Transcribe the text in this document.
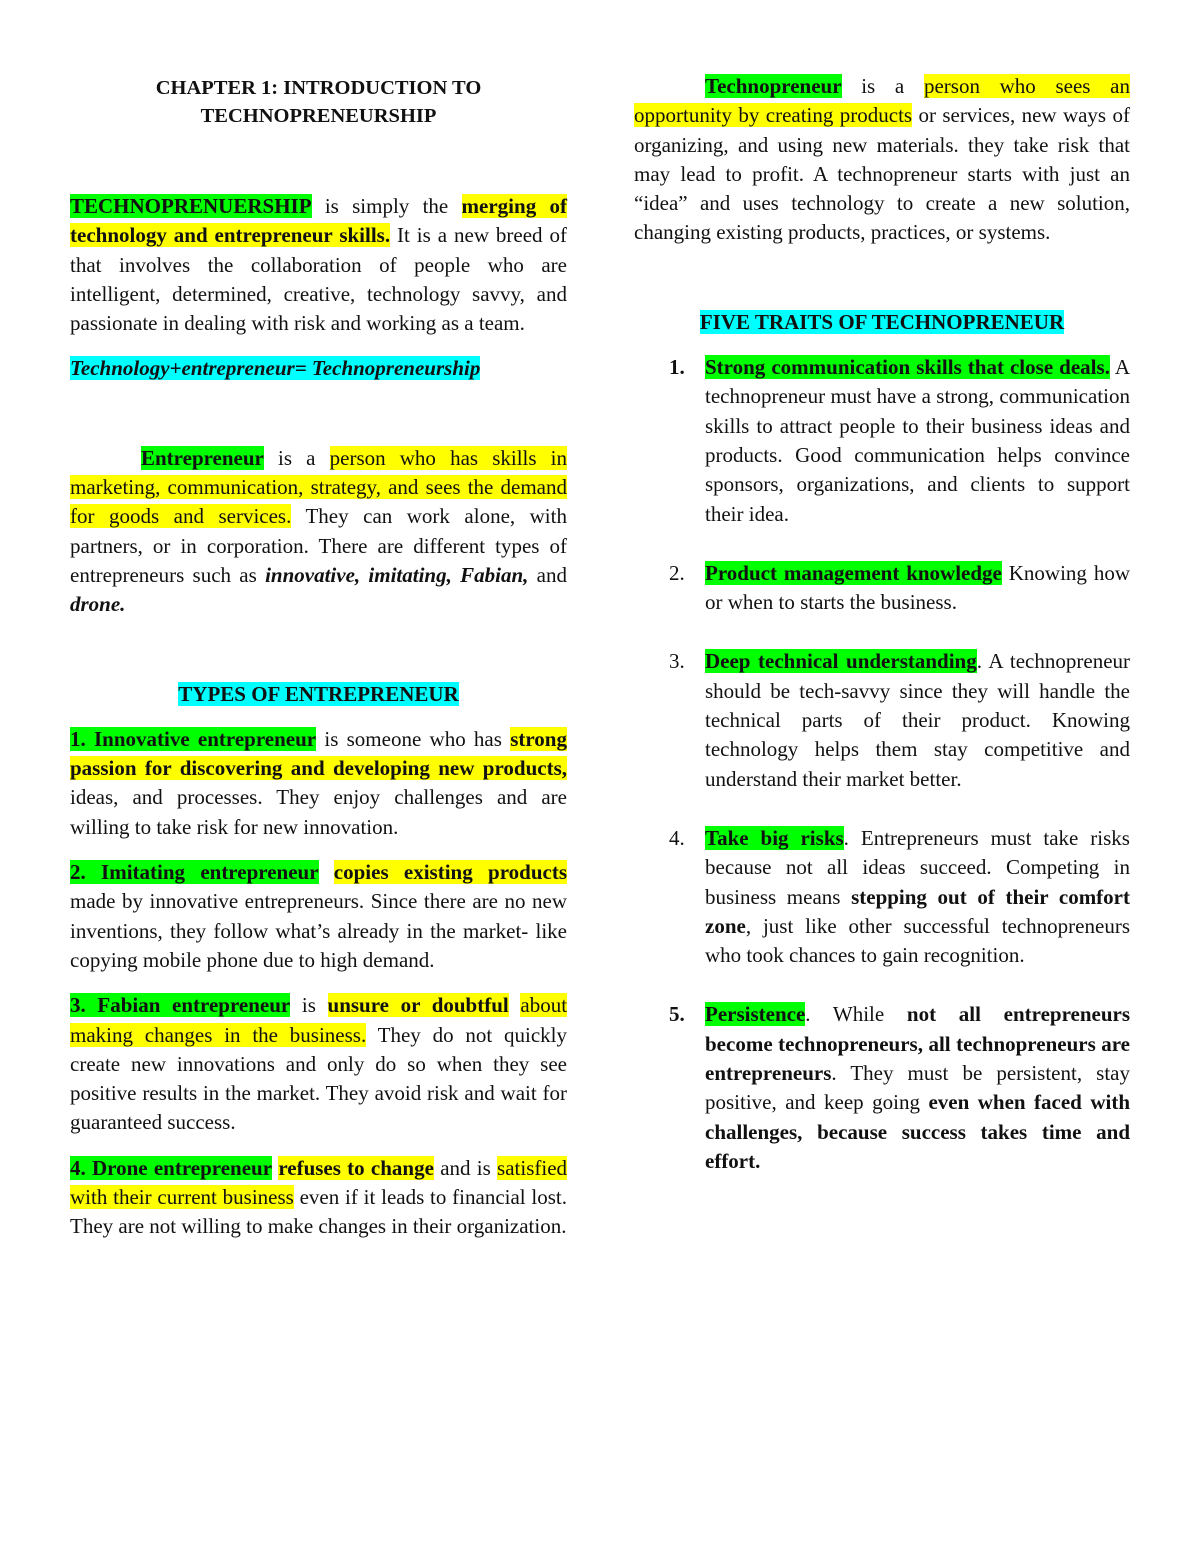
CHAPTER 1: INTRODUCTION TO
TECHNOPRENEURSHIP

TECHNOPRENUERSHIP is simply the merging of technology and entrepreneur skills. It is a new breed of that involves the collaboration of people who are intelligent, determined, creative, technology savvy, and passionate in dealing with risk and working as a team.

Technology+entrepreneur= Technopreneurship

Entrepreneur is a person who has skills in marketing, communication, strategy, and sees the demand for goods and services. They can work alone, with partners, or in corporation. There are different types of entrepreneurs such as innovative, imitating, Fabian, and drone.

TYPES OF ENTREPRENEUR

1. Innovative entrepreneur is someone who has strong passion for discovering and developing new products, ideas, and processes. They enjoy challenges and are willing to take risk for new innovation.

2. Imitating entrepreneur copies existing products made by innovative entrepreneurs. Since there are no new inventions, they follow what’s already in the market- like copying mobile phone due to high demand.

3. Fabian entrepreneur is unsure or doubtful about making changes in the business. They do not quickly create new innovations and only do so when they see positive results in the market. They avoid risk and wait for guaranteed success.

4. Drone entrepreneur refuses to change and is satisfied with their current business even if it leads to financial lost. They are not willing to make changes in their organization.

Technopreneur is a person who sees an opportunity by creating products or services, new ways of organizing, and using new materials. they take risk that may lead to profit. A technopreneur starts with just an “idea” and uses technology to create a new solution, changing existing products, practices, or systems.

FIVE TRAITS OF TECHNOPRENEUR

1. Strong communication skills that close deals. A technopreneur must have a strong, communication skills to attract people to their business ideas and products. Good communication helps convince sponsors, organizations, and clients to support their idea.
2. Product management knowledge Knowing how or when to starts the business.
3. Deep technical understanding. A technopreneur should be tech-savvy since they will handle the technical parts of their product. Knowing technology helps them stay competitive and understand their market better.
4. Take big risks. Entrepreneurs must take risks because not all ideas succeed. Competing in business means stepping out of their comfort zone, just like other successful technopreneurs who took chances to gain recognition.
5. Persistence. While not all entrepreneurs become technopreneurs, all technopreneurs are entrepreneurs. They must be persistent, stay positive, and keep going even when faced with challenges, because success takes time and effort.
